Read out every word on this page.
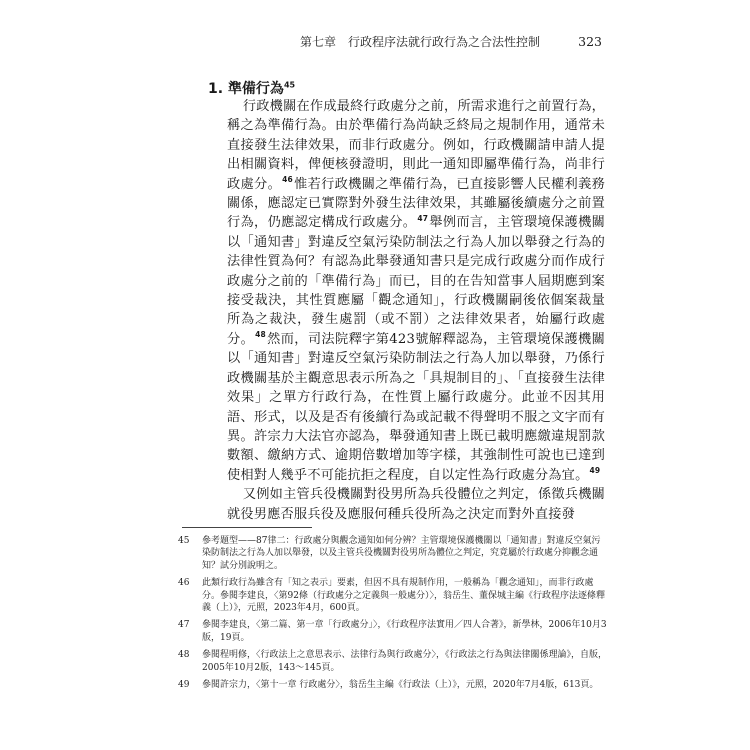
第七章　行政程序法就行政行為之合法性控制	323
1. 準備行為$^{45}$

行政機關在作成最終行政處分之前，所需求進行之前置行為，稱之為準備行為。由於準備行為尚缺乏終局之規制作用，通常未直接發生法律效果，而非行政處分。例如，行政機關請申請人提出相關資料，俾便核發證明，則此一通知即屬準備行為，尚非行政處分。$^{46}$惟若行政機關之準備行為，已直接影響人民權利義務關係，應認定已實際對外發生法律效果，其雖屬後續處分之前置行為，仍應認定構成行政處分。$^{47}$舉例而言，主管環境保護機關以「通知書」對違反空氣污染防制法之行為人加以舉發之行為的法律性質為何？有認為此舉發通知書只是完成行政處分而作成行政處分之前的「準備行為」而已，目的在告知當事人屆期應到案接受裁決，其性質應屬「觀念通知」，行政機關嗣後依個案裁量所為之裁決，發生處罰（或不罰）之法律效果者，始屬行政處分。$^{48}$然而，司法院釋字第423號解釋認為，主管環境保護機關以「通知書」對違反空氣污染防制法之行為人加以舉發，乃係行政機關基於主觀意思表示所為之「具規制目的」、「直接發生法律效果」之單方行政行為，在性質上屬行政處分。此並不因其用語、形式，以及是否有後續行為或記載不得聲明不服之文字而有異。許宗力大法官亦認為，舉發通知書上既已載明應繳違規罰款數額、繳納方式、逾期倍數增加等字樣，其強制性可說也已達到使相對人幾乎不可能抗拒之程度，自以定性為行政處分為宜。$^{49}$

又例如主管兵役機關對役男所為兵役體位之判定，係徵兵機關就役男應否服兵役及應服何種兵役所為之決定而對外直接發

45	參考題型——87律二：行政處分與觀念通知如何分辨？主管環境保護機關以「通知書」對違反空氣污染防制法之行為人加以舉發，以及主管兵役機關對役男所為體位之判定，究竟屬於行政處分抑觀念通知？試分別說明之。
46	此類行政行為雖含有「知之表示」要素，但因不具有規制作用，一般稱為「觀念通知」，而非行政處分。參閱李建良，〈第92條（行政處分之定義與一般處分）〉，翁岳生、董保城主編《行政程序法逐條釋義（上）》，元照，2023年4月，600頁。
47	參閱李建良，〈第二篇、第一章「行政處分」〉，《行政程序法實用／四人合著》，新學林，2006年10月3版，19頁。
48	參閱程明修，〈行政法上之意思表示、法律行為與行政處分〉，《行政法之行為與法律關係理論》，自版，2005年10月2版，143～145頁。
49	參閱許宗力，〈第十一章 行政處分〉，翁岳生主編《行政法（上）》，元照，2020年7月4版，613頁。
